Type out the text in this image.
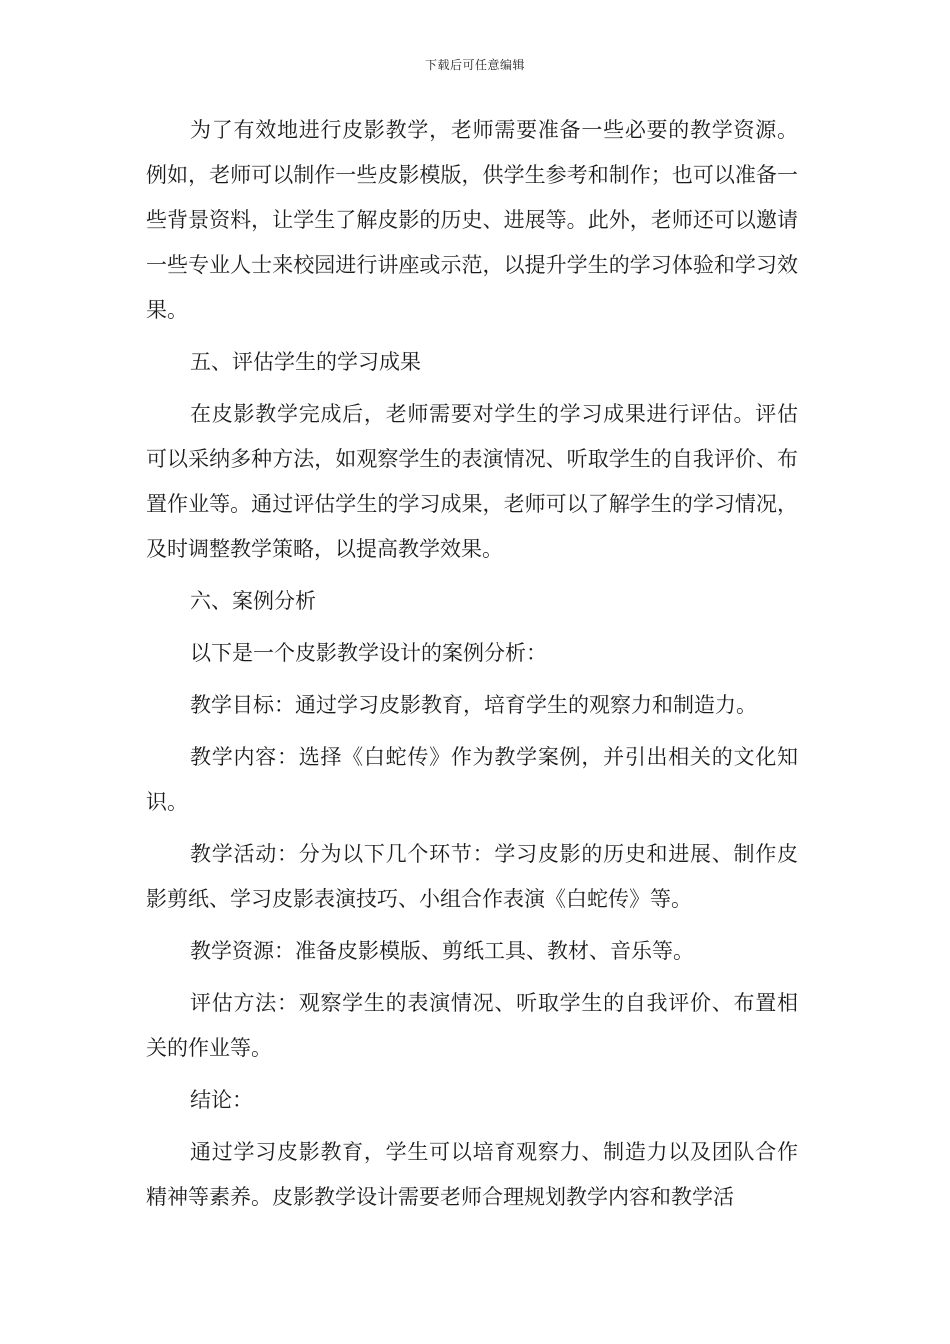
下载后可任意编辑

为了有效地进行皮影教学，老师需要准备一些必要的教学资源。例如，老师可以制作一些皮影模版，供学生参考和制作；也可以准备一些背景资料，让学生了解皮影的历史、进展等。此外，老师还可以邀请一些专业人士来校园进行讲座或示范，以提升学生的学习体验和学习效果。

五、评估学生的学习成果

在皮影教学完成后，老师需要对学生的学习成果进行评估。评估可以采纳多种方法，如观察学生的表演情况、听取学生的自我评价、布置作业等。通过评估学生的学习成果，老师可以了解学生的学习情况，及时调整教学策略，以提高教学效果。

六、案例分析

以下是一个皮影教学设计的案例分析：

教学目标：通过学习皮影教育，培育学生的观察力和制造力。

教学内容：选择《白蛇传》作为教学案例，并引出相关的文化知识。

教学活动：分为以下几个环节：学习皮影的历史和进展、制作皮影剪纸、学习皮影表演技巧、小组合作表演《白蛇传》等。

教学资源：准备皮影模版、剪纸工具、教材、音乐等。

评估方法：观察学生的表演情况、听取学生的自我评价、布置相关的作业等。

结论：

通过学习皮影教育，学生可以培育观察力、制造力以及团队合作精神等素养。皮影教学设计需要老师合理规划教学内容和教学活
